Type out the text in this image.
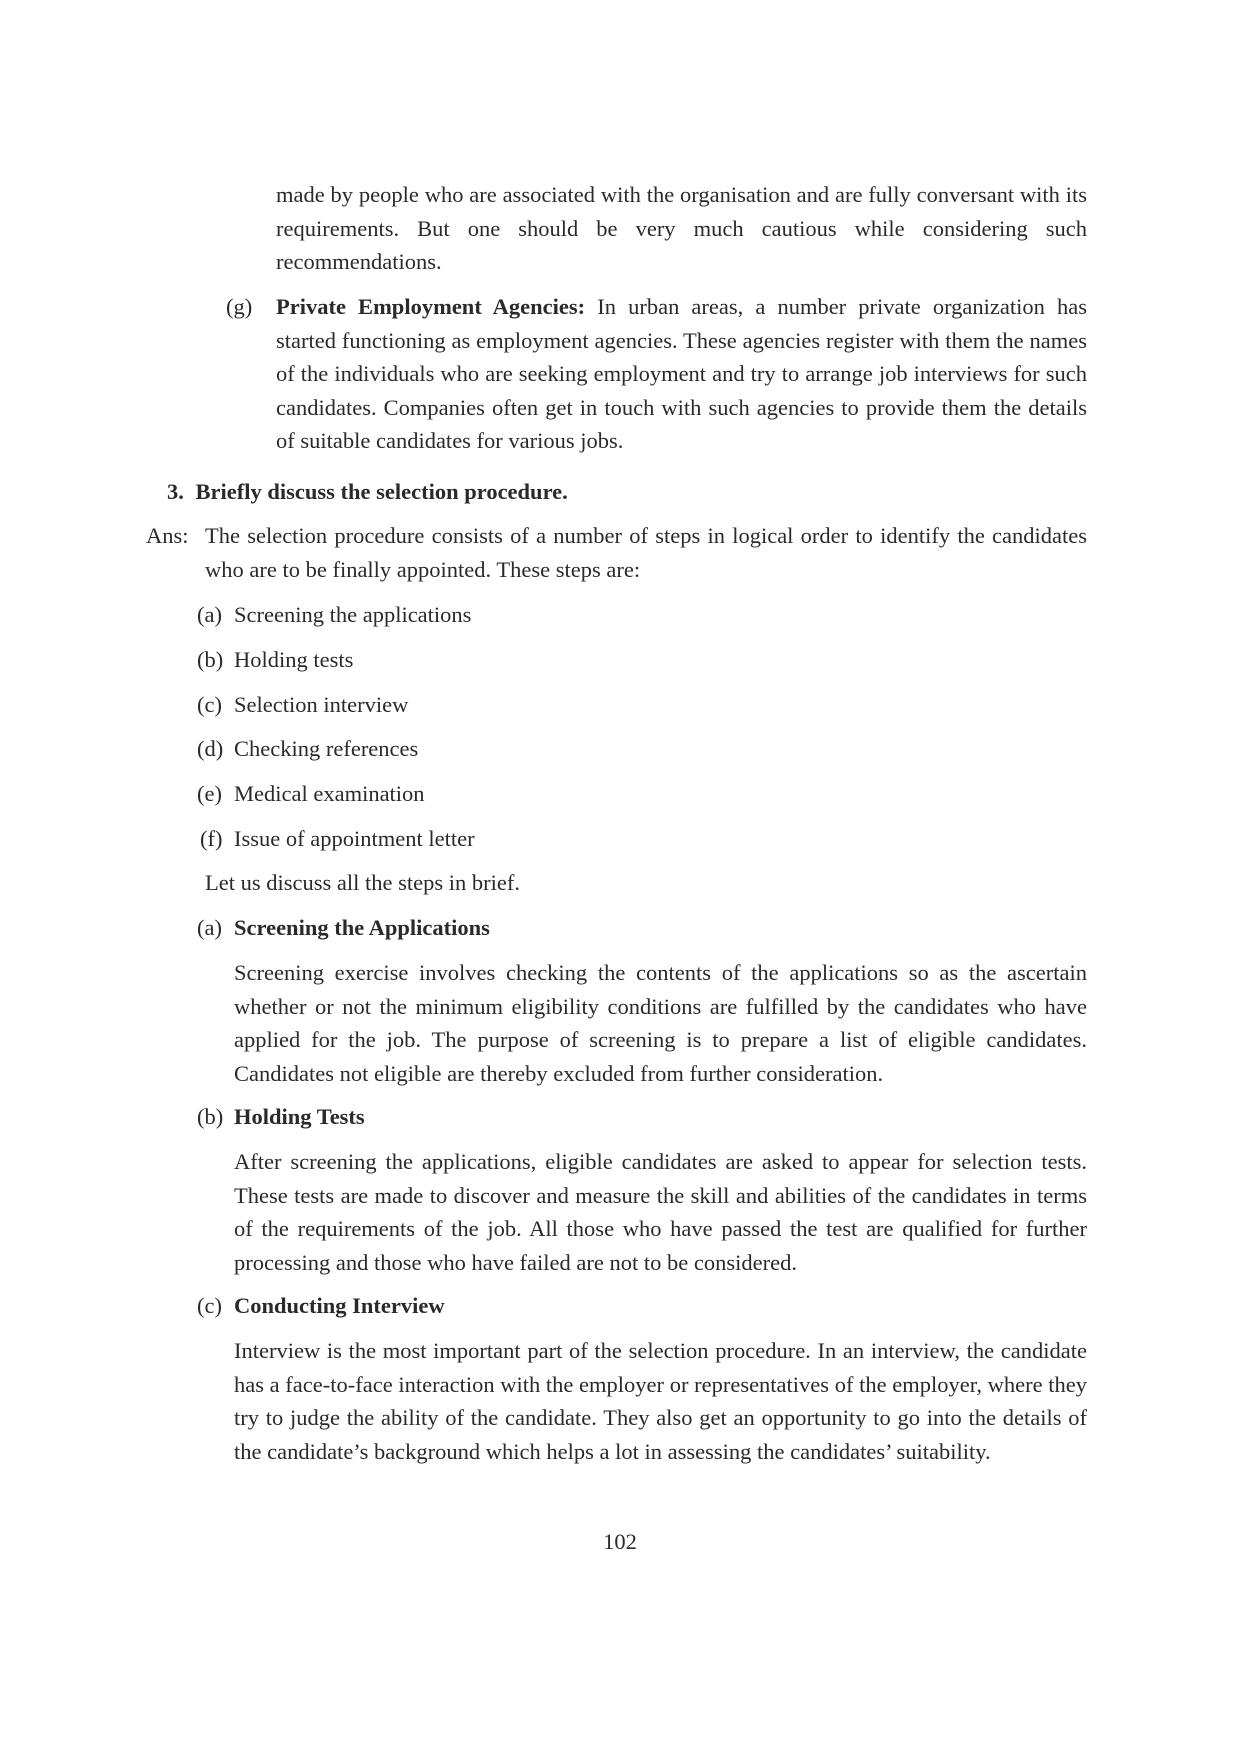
made by people who are associated with the organisation and are fully conversant with its requirements. But one should be very much cautious while considering such recommendations.
(g) Private Employment Agencies: In urban areas, a number private organization has started functioning as employment agencies. These agencies register with them the names of the individuals who are seeking employment and try to arrange job interviews for such candidates. Companies often get in touch with such agencies to provide them the details of suitable candidates for various jobs.
3. Briefly discuss the selection procedure.
Ans: The selection procedure consists of a number of steps in logical order to identify the candidates who are to be finally appointed. These steps are:
(a) Screening the applications
(b) Holding tests
(c) Selection interview
(d) Checking references
(e) Medical examination
(f) Issue of appointment letter
Let us discuss all the steps in brief.
(a) Screening the Applications
Screening exercise involves checking the contents of the applications so as the ascertain whether or not the minimum eligibility conditions are fulfilled by the candidates who have applied for the job. The purpose of screening is to prepare a list of eligible candidates. Candidates not eligible are thereby excluded from further consideration.
(b) Holding Tests
After screening the applications, eligible candidates are asked to appear for selection tests. These tests are made to discover and measure the skill and abilities of the candidates in terms of the requirements of the job. All those who have passed the test are qualified for further processing and those who have failed are not to be considered.
(c) Conducting Interview
Interview is the most important part of the selection procedure. In an interview, the candidate has a face-to-face interaction with the employer or representatives of the employer, where they try to judge the ability of the candidate. They also get an opportunity to go into the details of the candidate’s background which helps a lot in assessing the candidates’ suitability.
102
